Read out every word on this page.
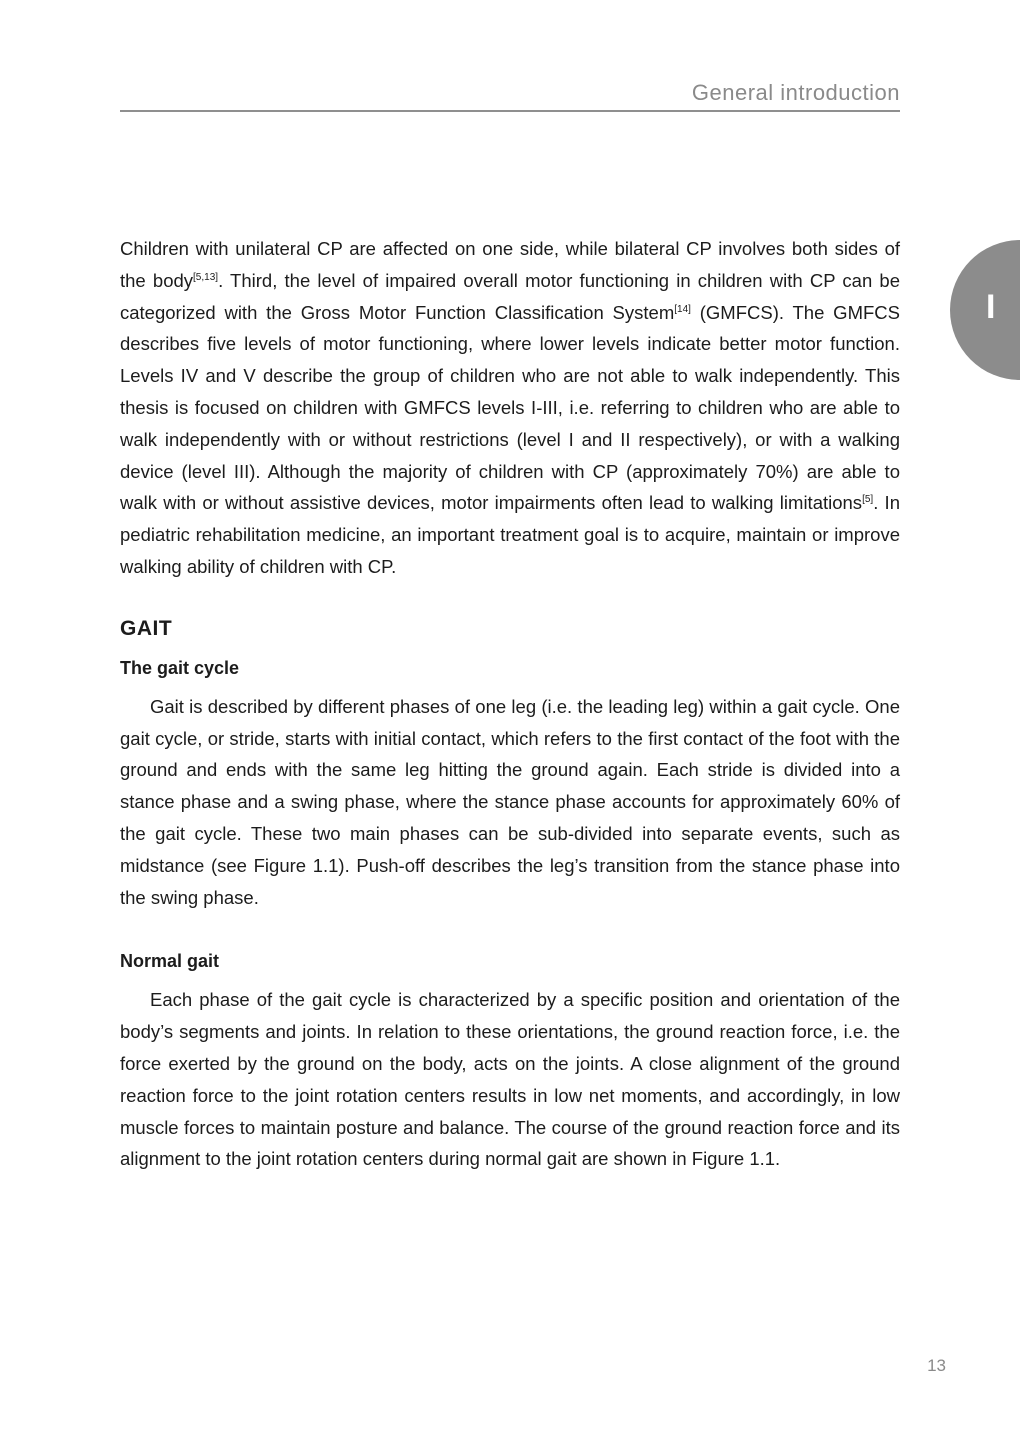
General introduction
I

Children with unilateral CP are affected on one side, while bilateral CP involves both sides of the body[5,13]. Third, the level of impaired overall motor functioning in children with CP can be categorized with the Gross Motor Function Classification System[14] (GMFCS). The GMFCS describes five levels of motor functioning, where lower levels indicate better motor function. Levels IV and V describe the group of children who are not able to walk independently. This thesis is focused on children with GMFCS levels I-III, i.e. referring to children who are able to walk independently with or without restrictions (level I and II respectively), or with a walking device (level III). Although the majority of children with CP (approximately 70%) are able to walk with or without assistive devices, motor impairments often lead to walking limitations[5]. In pediatric rehabilitation medicine, an important treatment goal is to acquire, maintain or improve walking ability of children with CP.

GAIT
The gait cycle

Gait is described by different phases of one leg (i.e. the leading leg) within a gait cycle. One gait cycle, or stride, starts with initial contact, which refers to the first contact of the foot with the ground and ends with the same leg hitting the ground again. Each stride is divided into a stance phase and a swing phase, where the stance phase accounts for approximately 60% of the gait cycle. These two main phases can be sub-divided into separate events, such as midstance (see Figure 1.1). Push-off describes the leg’s transition from the stance phase into the swing phase.

Normal gait

Each phase of the gait cycle is characterized by a specific position and orientation of the body’s segments and joints. In relation to these orientations, the ground reaction force, i.e. the force exerted by the ground on the body, acts on the joints. A close alignment of the ground reaction force to the joint rotation centers results in low net moments, and accordingly, in low muscle forces to maintain posture and balance. The course of the ground reaction force and its alignment to the joint rotation centers during normal gait are shown in Figure 1.1.

13
